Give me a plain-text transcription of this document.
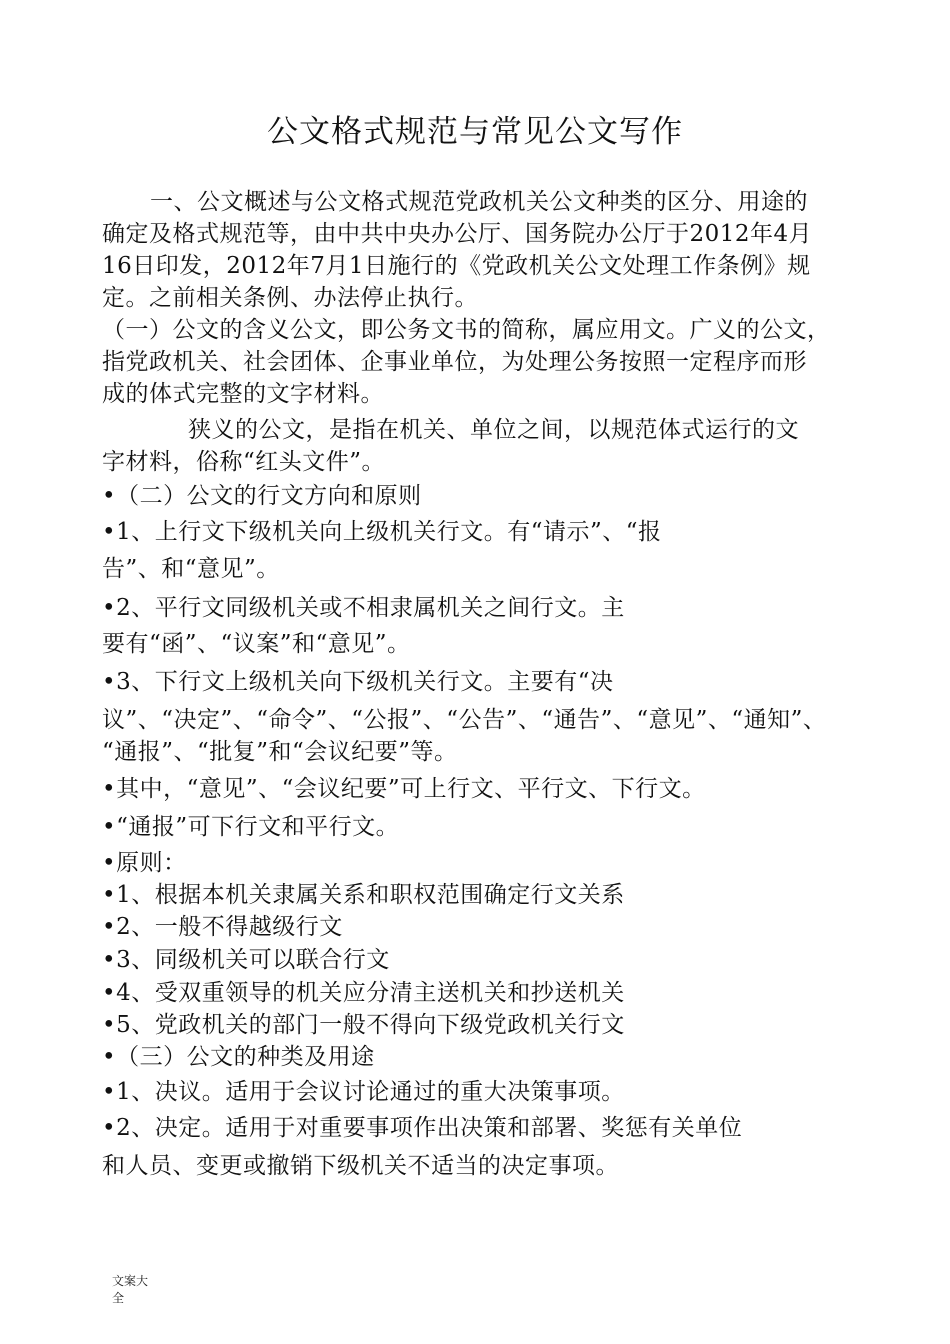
公文格式规范与常见公文写作
一、公文概述与公文格式规范党政机关公文种类的区分、用途的
确定及格式规范等，由中共中央办公厅、国务院办公厅于2012年4月
16日印发，2012年7月1日施行的《党政机关公文处理工作条例》规
定。之前相关条例、办法停止执行。
（一）公文的含义公文，即公务文书的简称，属应用文。广义的公文，
指党政机关、社会团体、企事业单位，为处理公务按照一定程序而形
成的体式完整的文字材料。
狭义的公文，是指在机关、单位之间，以规范体式运行的文
字材料，俗称“红头文件”。
•（二）公文的行文方向和原则
•1、上行文下级机关向上级机关行文。有“请示”、“报
告”、和“意见”。
•2、平行文同级机关或不相隶属机关之间行文。主
要有“函”、“议案”和“意见”。
•3、下行文上级机关向下级机关行文。主要有“决
议”、“决定”、“命令”、“公报”、“公告”、“通告”、“意见”、“通知”、
“通报”、“批复”和“会议纪要”等。
•其中，“意见”、“会议纪要”可上行文、平行文、下行文。
•“通报”可下行文和平行文。
•原则：
•1、根据本机关隶属关系和职权范围确定行文关系
•2、一般不得越级行文
•3、同级机关可以联合行文
•4、受双重领导的机关应分清主送机关和抄送机关
•5、党政机关的部门一般不得向下级党政机关行文
•（三）公文的种类及用途
•1、决议。适用于会议讨论通过的重大决策事项。
•2、决定。适用于对重要事项作出决策和部署、奖惩有关单位
和人员、变更或撤销下级机关不适当的决定事项。
文案大全
